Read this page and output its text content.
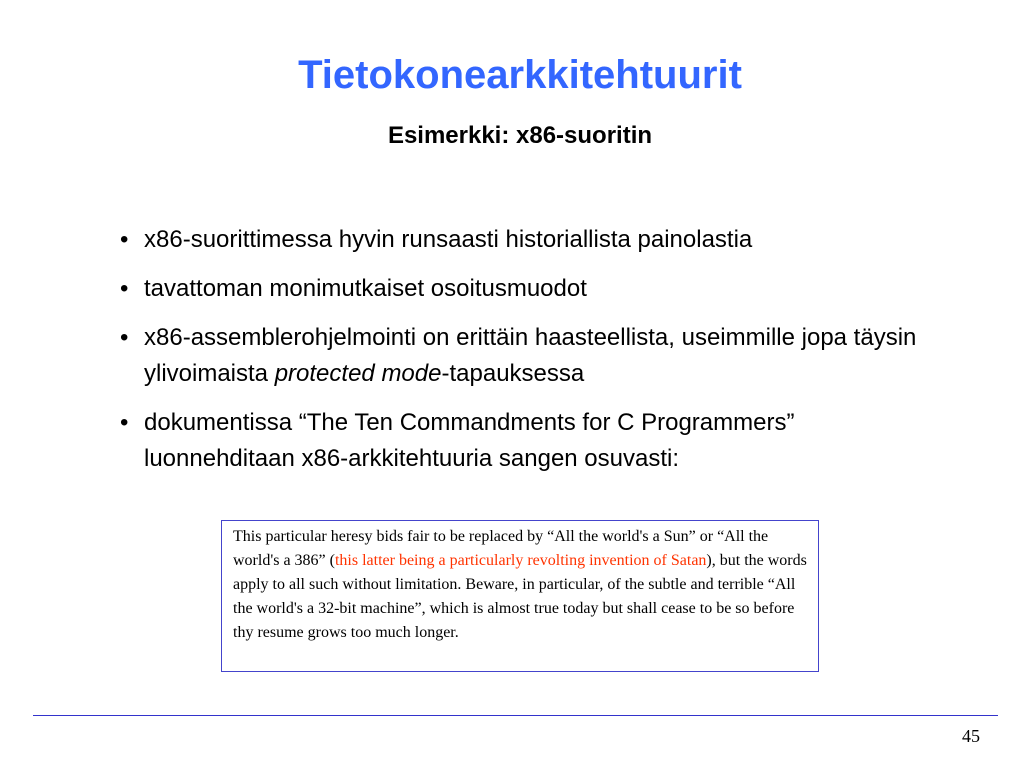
Tietokonearkkitehtuurit
Esimerkki: x86-suoritin
• x86-suorittimessa hyvin runsaasti historiallista painolastia
• tavattoman monimutkaiset osoitusmuodot
• x86-assemblerohjelmointi on erittäin haasteellista, useimmille jopa täysin ylivoimaista protected mode-tapauksessa
• dokumentissa “The Ten Commandments for C Programmers” luonnehditaan x86-arkkitehtuuria sangen osuvasti:
This particular heresy bids fair to be replaced by “All the world's a Sun” or “All the world's a 386” (this latter being a particularly revolting invention of Satan), but the words apply to all such without limitation. Beware, in particular, of the subtle and terrible “All the world's a 32-bit machine”, which is almost true today but shall cease to be so before thy resume grows too much longer.
45
